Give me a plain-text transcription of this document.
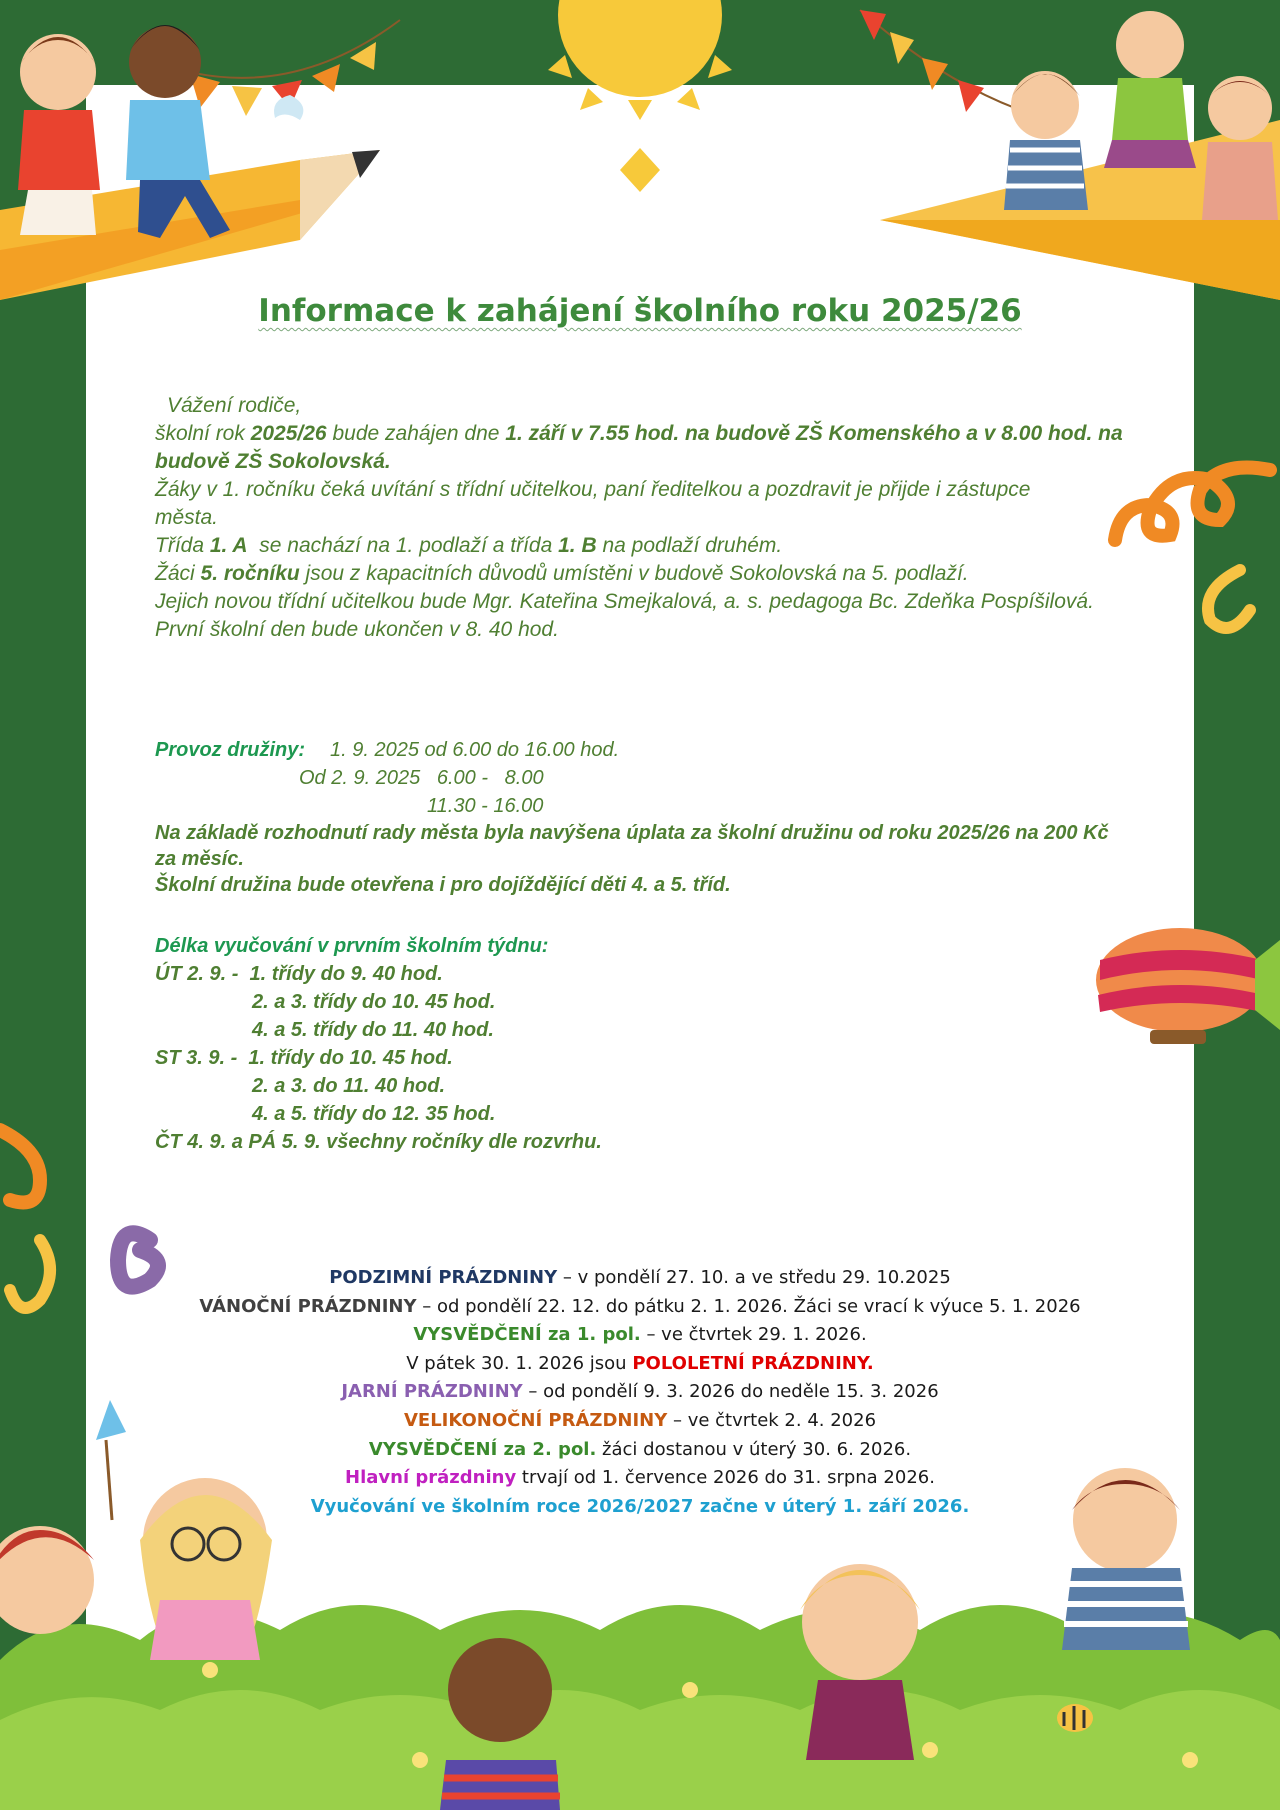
Informace k zahájení školního roku 2025/26

Vážení rodiče,

školní rok 2025/26 bude zahájen dne 1. září v 7.55 hod. na budově ZŠ Komenského a v 8.00 hod. na budově ZŠ Sokolovská.

Žáky v 1. ročníku čeká uvítání s třídní učitelkou, paní ředitelkou a pozdravit je přijde i zástupce města.

Třída 1. A  se nachází na 1. podlaží a třída 1. B na podlaží druhém.

Žáci 5. ročníku jsou z kapacitních důvodů umístěni v budově Sokolovská na 5. podlaží.

Jejich novou třídní učitelkou bude Mgr. Kateřina Smejkalová, a. s. pedagoga Bc. Zdeňka Pospíšilová.

První školní den bude ukončen v 8. 40 hod.

Provoz družiny: 1. 9. 2025 od 6.00 do 16.00 hod.
Od 2. 9. 2025   6.00 -   8.00
11.30 - 16.00

Na základě rozhodnutí rady města byla navýšena úplata za školní družinu od roku 2025/26 na 200 Kč za měsíc.

Školní družina bude otevřena i pro dojíždějící děti 4. a 5. tříd.

Délka vyučování v prvním školním týdnu:
ÚT 2. 9. -  1. třídy do 9. 40 hod.
2. a 3. třídy do 10. 45 hod.
4. a 5. třídy do 11. 40 hod.
ST 3. 9. -  1. třídy do 10. 45 hod.
2. a 3. do 11. 40 hod.
4. a 5. třídy do 12. 35 hod.
ČT 4. 9. a PÁ 5. 9. všechny ročníky dle rozvrhu.
PODZIMNÍ PRÁZDNINY – v pondělí 27. 10. a ve středu 29. 10.2025
VÁNOČNÍ PRÁZDNINY – od pondělí 22. 12. do pátku 2. 1. 2026. Žáci se vrací k výuce 5. 1. 2026
VYSVĚDČENÍ za 1. pol. – ve čtvrtek 29. 1. 2026.
V pátek 30. 1. 2026 jsou POLOLETNÍ PRÁZDNINY.
JARNÍ PRÁZDNINY – od pondělí 9. 3. 2026 do neděle 15. 3. 2026
VELIKONOČNÍ PRÁZDNINY – ve čtvrtek 2. 4. 2026
VYSVĚDČENÍ za 2. pol. žáci dostanou v úterý 30. 6. 2026.
Hlavní prázdniny trvají od 1. července 2026 do 31. srpna 2026.
Vyučování ve školním roce 2026/2027 začne v úterý 1. září 2026.
